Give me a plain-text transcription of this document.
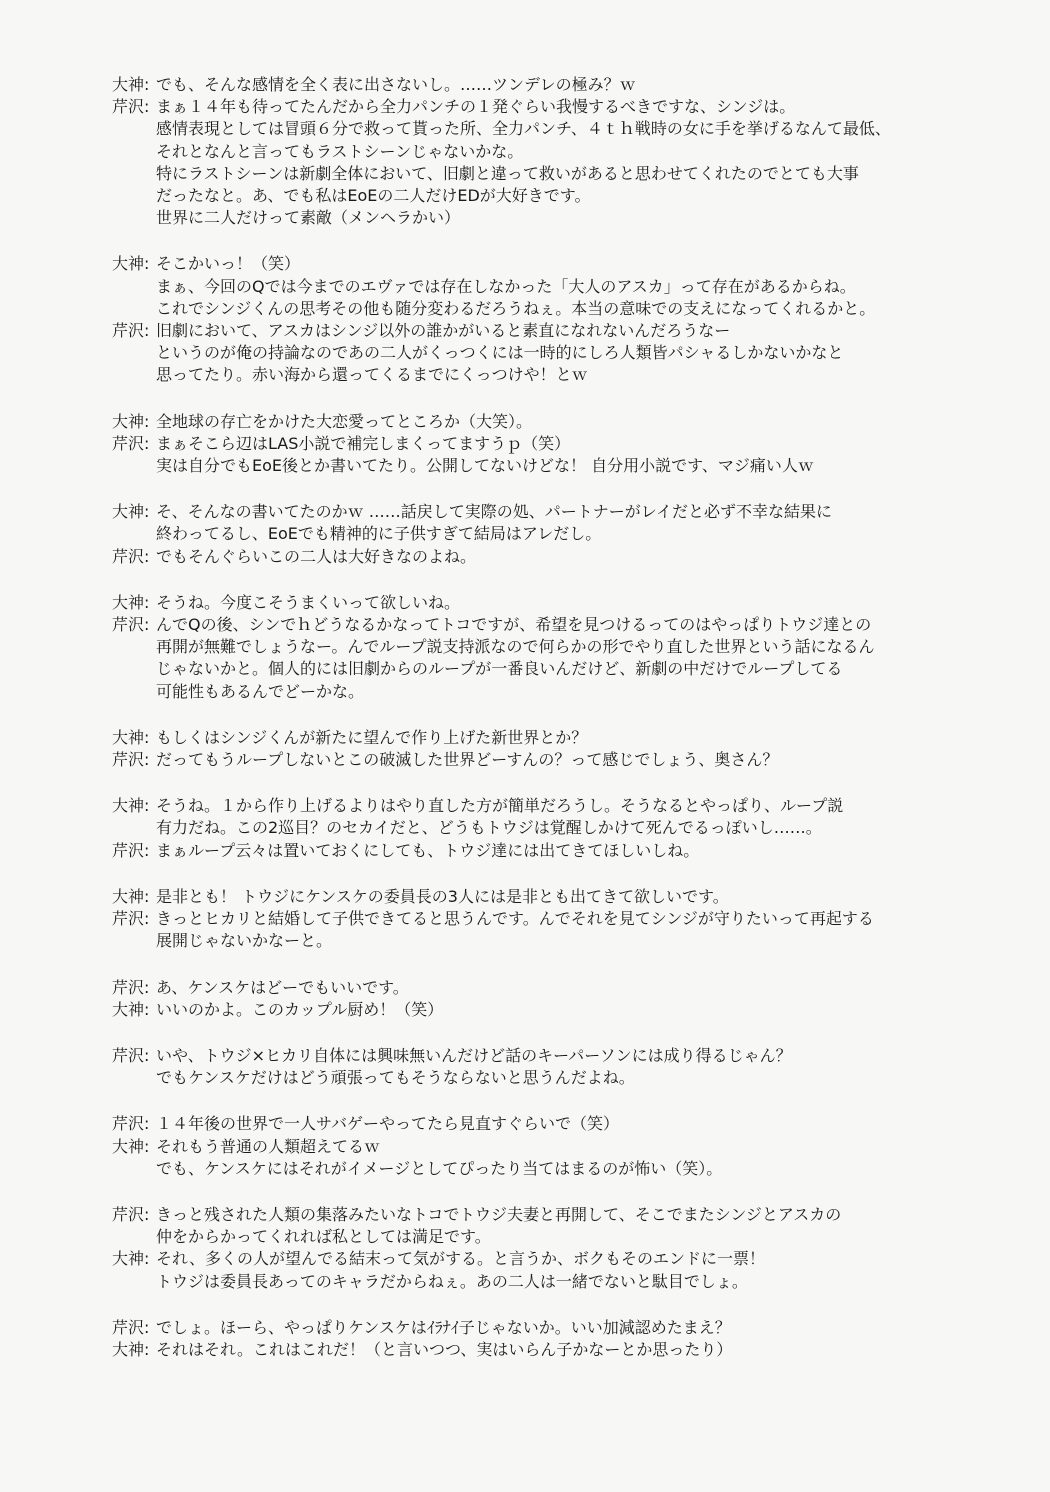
大神: でも、そんな感情を全く表に出さないし。……ツンデレの極み？ｗ
芹沢: まぁ１４年も待ってたんだから全力パンチの１発ぐらい我慢するべきですな、シンジは。
感情表現としては冒頭６分で救って貰った所、全力パンチ、４ｔｈ戦時の女に手を挙げるなんて最低、
それとなんと言ってもラストシーンじゃないかな。
特にラストシーンは新劇全体において、旧劇と違って救いがあると思わせてくれたのでとても大事
だったなと。あ、でも私はEoEの二人だけEDが大好きです。
世界に二人だけって素敵（メンヘラかい）
大神: そこかいっ！（笑）
まぁ、今回のQでは今までのエヴァでは存在しなかった「大人のアスカ」って存在があるからね。
これでシンジくんの思考その他も随分変わるだろうねぇ。本当の意味での支えになってくれるかと。
芹沢: 旧劇において、アスカはシンジ以外の誰かがいると素直になれないんだろうなー
というのが俺の持論なのであの二人がくっつくには一時的にしろ人類皆パシャるしかないかなと
思ってたり。赤い海から還ってくるまでにくっつけや！とｗ
大神: 全地球の存亡をかけた大恋愛ってところか（大笑）。
芹沢: まぁそこら辺はLAS小説で補完しまくってますうｐ（笑）
実は自分でもEoE後とか書いてたり。公開してないけどな！ 自分用小説です、マジ痛い人ｗ
大神: そ、そんなの書いてたのかｗ ……話戻して実際の処、パートナーがレイだと必ず不幸な結果に
終わってるし、EoEでも精神的に子供すぎて結局はアレだし。
芹沢: でもそんぐらいこの二人は大好きなのよね。
大神: そうね。今度こそうまくいって欲しいね。
芹沢: んでQの後、シンでｈどうなるかなってトコですが、希望を見つけるってのはやっぱりトウジ達との
再開が無難でしょうなー。んでループ説支持派なので何らかの形でやり直した世界という話になるん
じゃないかと。個人的には旧劇からのループが一番良いんだけど、新劇の中だけでループしてる
可能性もあるんでどーかな。
大神: もしくはシンジくんが新たに望んで作り上げた新世界とか？
芹沢: だってもうループしないとこの破滅した世界どーすんの？って感じでしょう、奥さん？
大神: そうね。１から作り上げるよりはやり直した方が簡単だろうし。そうなるとやっぱり、ループ説
有力だね。この2巡目？のセカイだと、どうもトウジは覚醒しかけて死んでるっぽいし……。
芹沢: まぁループ云々は置いておくにしても、トウジ達には出てきてほしいしね。
大神: 是非とも！ トウジにケンスケの委員長の3人には是非とも出てきて欲しいです。
芹沢: きっとヒカリと結婚して子供できてると思うんです。んでそれを見てシンジが守りたいって再起する
展開じゃないかなーと。
芹沢: あ、ケンスケはどーでもいいです。
大神: いいのかよ。このカップル厨め！（笑）
芹沢: いや、トウジ×ヒカリ自体には興味無いんだけど話のキーパーソンには成り得るじゃん？
でもケンスケだけはどう頑張ってもそうならないと思うんだよね。
芹沢: １４年後の世界で一人サバゲーやってたら見直すぐらいで（笑）
大神: それもう普通の人類超えてるｗ
でも、ケンスケにはそれがイメージとしてぴったり当てはまるのが怖い（笑）。
芹沢: きっと残された人類の集落みたいなトコでトウジ夫妻と再開して、そこでまたシンジとアスカの
仲をからかってくれれば私としては満足です。
大神: それ、多くの人が望んでる結末って気がする。と言うか、ボクもそのエンドに一票！
トウジは委員長あってのキャラだからねぇ。あの二人は一緒でないと駄目でしょ。
芹沢: でしょ。ほーら、やっぱりケンスケはｲﾗﾅｲ子じゃないか。いい加減認めたまえ？
大神: それはそれ。これはこれだ！（と言いつつ、実はいらん子かなーとか思ったり）
